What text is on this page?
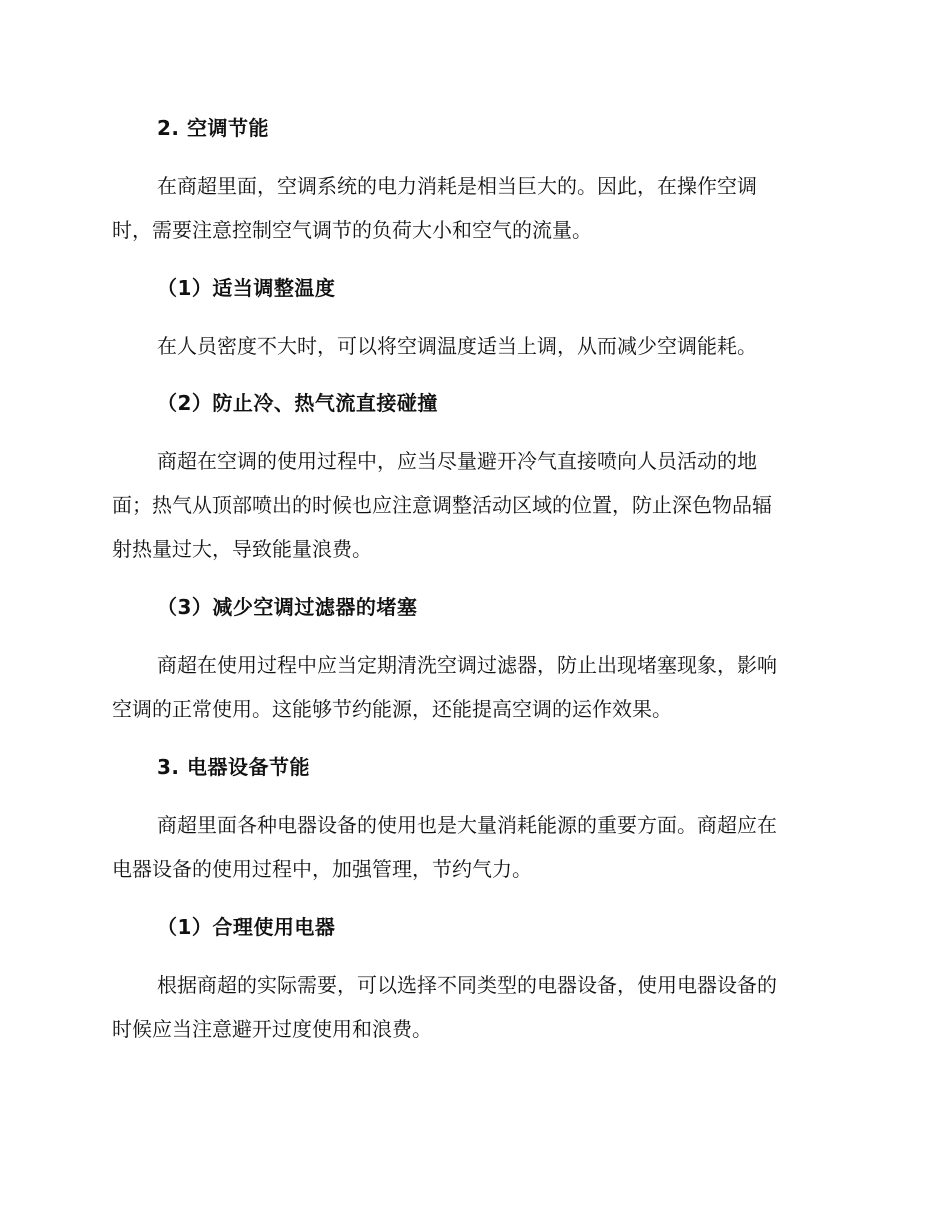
2. 空调节能
在商超里面，空调系统的电力消耗是相当巨大的。因此，在操作空调
时，需要注意控制空气调节的负荷大小和空气的流量。
（1）适当调整温度
在人员密度不大时，可以将空调温度适当上调，从而减少空调能耗。
（2）防止冷、热气流直接碰撞
商超在空调的使用过程中，应当尽量避开冷气直接喷向人员活动的地
面；热气从顶部喷出的时候也应注意调整活动区域的位置，防止深色物品辐
射热量过大，导致能量浪费。
（3）减少空调过滤器的堵塞
商超在使用过程中应当定期清洗空调过滤器，防止出现堵塞现象，影响
空调的正常使用。这能够节约能源，还能提高空调的运作效果。
3. 电器设备节能
商超里面各种电器设备的使用也是大量消耗能源的重要方面。商超应在
电器设备的使用过程中，加强管理，节约气力。
（1）合理使用电器
根据商超的实际需要，可以选择不同类型的电器设备，使用电器设备的
时候应当注意避开过度使用和浪费。
